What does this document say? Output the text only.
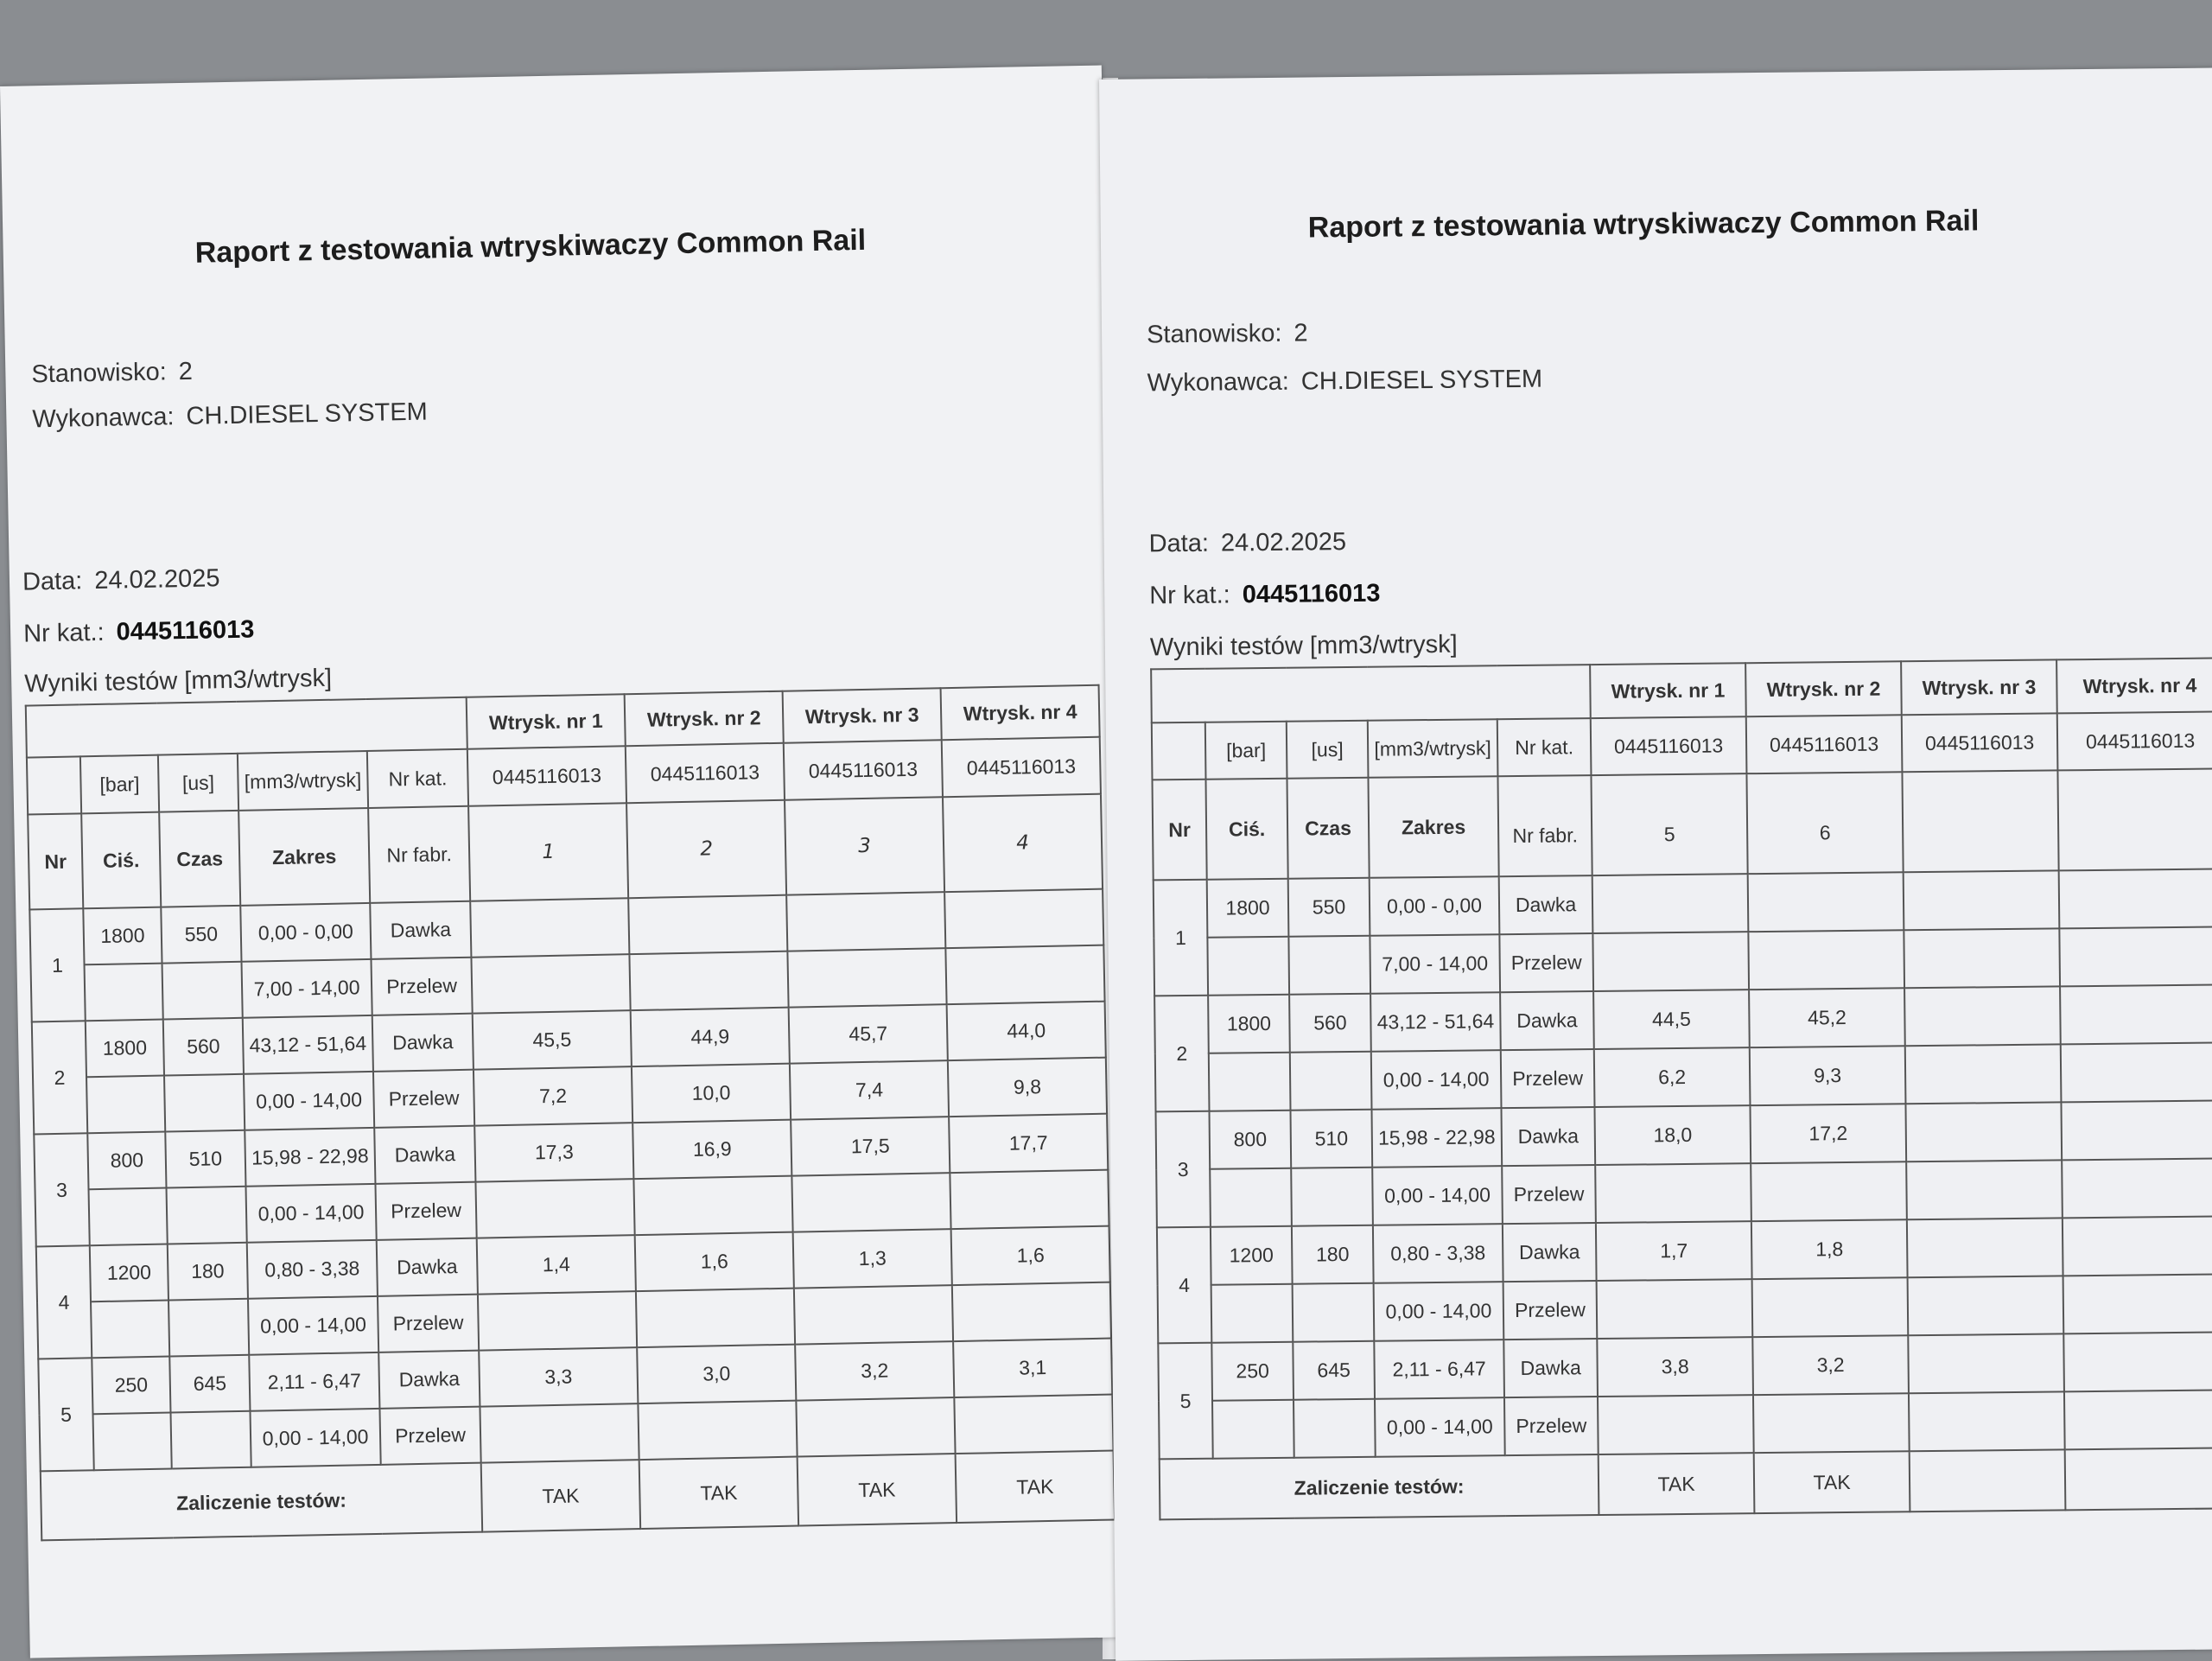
Raport z testowania wtryskiwaczy Common Rail
Stanowisko: 2
Wykonawca: CH.DIESEL SYSTEM
Data: 24.02.2025
Nr kat.: 0445116013
Wyniki testów [mm3/wtrysk]
					Wtrysk. nr 1	Wtrysk. nr 2	Wtrysk. nr 3	Wtrysk. nr 4
	[bar]	[us]	[mm3/wtrysk]	Nr kat.	0445116013	0445116013	0445116013	0445116013
Nr	Ciś.	Czas	Zakres	Nr fabr.	1	2	3	4
1	1800	550	0,00 - 0,00	Dawka				
			7,00 - 14,00	Przelew				
2	1800	560	43,12 - 51,64	Dawka	45,5	44,9	45,7	44,0
			0,00 - 14,00	Przelew	7,2	10,0	7,4	9,8
3	800	510	15,98 - 22,98	Dawka	17,3	16,9	17,5	17,7
			0,00 - 14,00	Przelew				
4	1200	180	0,80 - 3,38	Dawka	1,4	1,6	1,3	1,6
			0,00 - 14,00	Przelew				
5	250	645	2,11 - 6,47	Dawka	3,3	3,0	3,2	3,1
			0,00 - 14,00	Przelew				
Zaliczenie testów:					TAK	TAK	TAK	TAK
Raport z testowania wtryskiwaczy Common Rail
Stanowisko: 2
Wykonawca: CH.DIESEL SYSTEM
Data: 24.02.2025
Nr kat.: 0445116013
Wyniki testów [mm3/wtrysk]
					Wtrysk. nr 1	Wtrysk. nr 2	Wtrysk. nr 3	Wtrysk. nr 4
	[bar]	[us]	[mm3/wtrysk]	Nr kat.	0445116013	0445116013	0445116013	0445116013
Nr	Ciś.	Czas	Zakres	Nr fabr.	5	6		
1	1800	550	0,00 - 0,00	Dawka				
			7,00 - 14,00	Przelew				
2	1800	560	43,12 - 51,64	Dawka	44,5	45,2		
			0,00 - 14,00	Przelew	6,2	9,3		
3	800	510	15,98 - 22,98	Dawka	18,0	17,2		
			0,00 - 14,00	Przelew				
4	1200	180	0,80 - 3,38	Dawka	1,7	1,8		
			0,00 - 14,00	Przelew				
5	250	645	2,11 - 6,47	Dawka	3,8	3,2		
			0,00 - 14,00	Przelew				
Zaliczenie testów:					TAK	TAK		
